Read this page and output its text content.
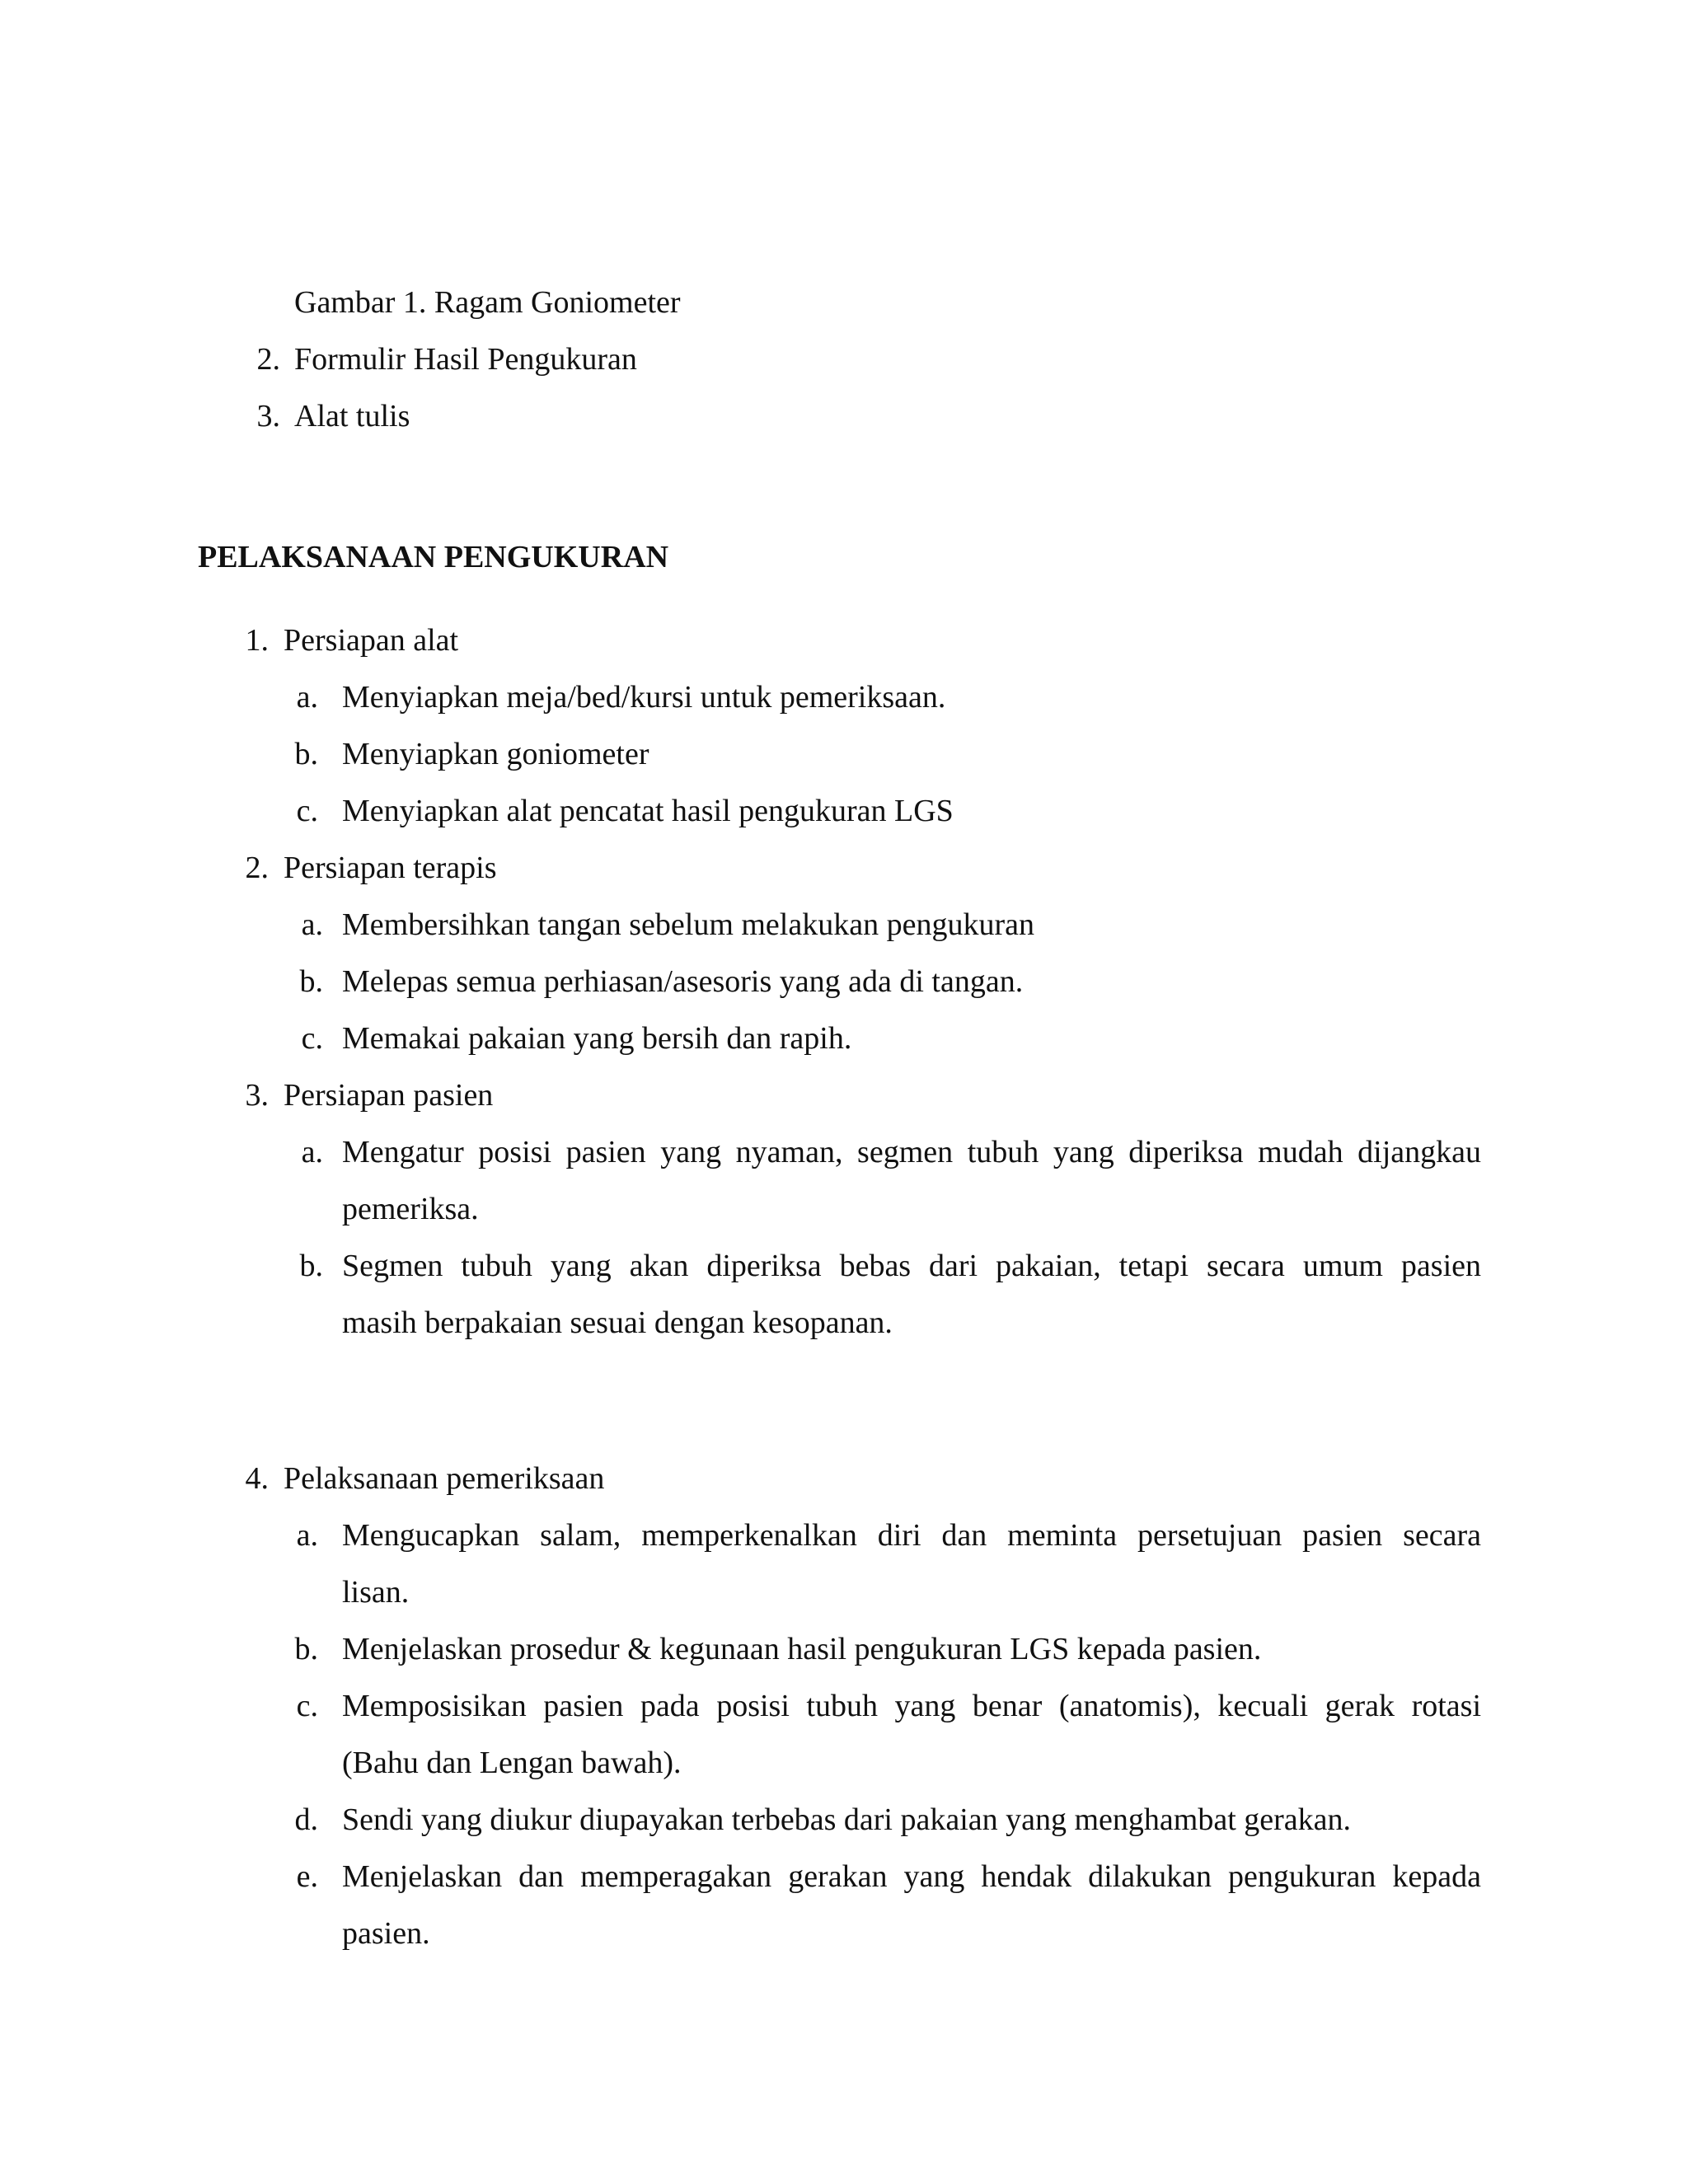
Gambar 1. Ragam Goniometer
2. Formulir Hasil Pengukuran
3. Alat tulis
PELAKSANAAN PENGUKURAN
1. Persiapan alat
a. Menyiapkan meja/bed/kursi untuk pemeriksaan.
b. Menyiapkan goniometer
c. Menyiapkan alat pencatat hasil pengukuran LGS
2. Persiapan terapis
a. Membersihkan tangan sebelum melakukan pengukuran
b. Melepas semua perhiasan/asesoris yang ada di tangan.
c. Memakai pakaian yang bersih dan rapih.
3. Persiapan pasien
a. Mengatur posisi pasien yang nyaman, segmen tubuh yang diperiksa mudah dijangkau
pemeriksa.
b. Segmen tubuh yang akan diperiksa bebas dari pakaian, tetapi secara umum pasien
masih berpakaian sesuai dengan kesopanan.
4. Pelaksanaan pemeriksaan
a. Mengucapkan salam, memperkenalkan diri dan meminta persetujuan pasien secara
lisan.
b. Menjelaskan prosedur & kegunaan hasil pengukuran LGS kepada pasien.
c. Memposisikan pasien pada posisi tubuh yang benar (anatomis), kecuali gerak rotasi
(Bahu dan Lengan bawah).
d. Sendi yang diukur diupayakan terbebas dari pakaian yang menghambat gerakan.
e. Menjelaskan dan memperagakan gerakan yang hendak dilakukan pengukuran kepada
pasien.
